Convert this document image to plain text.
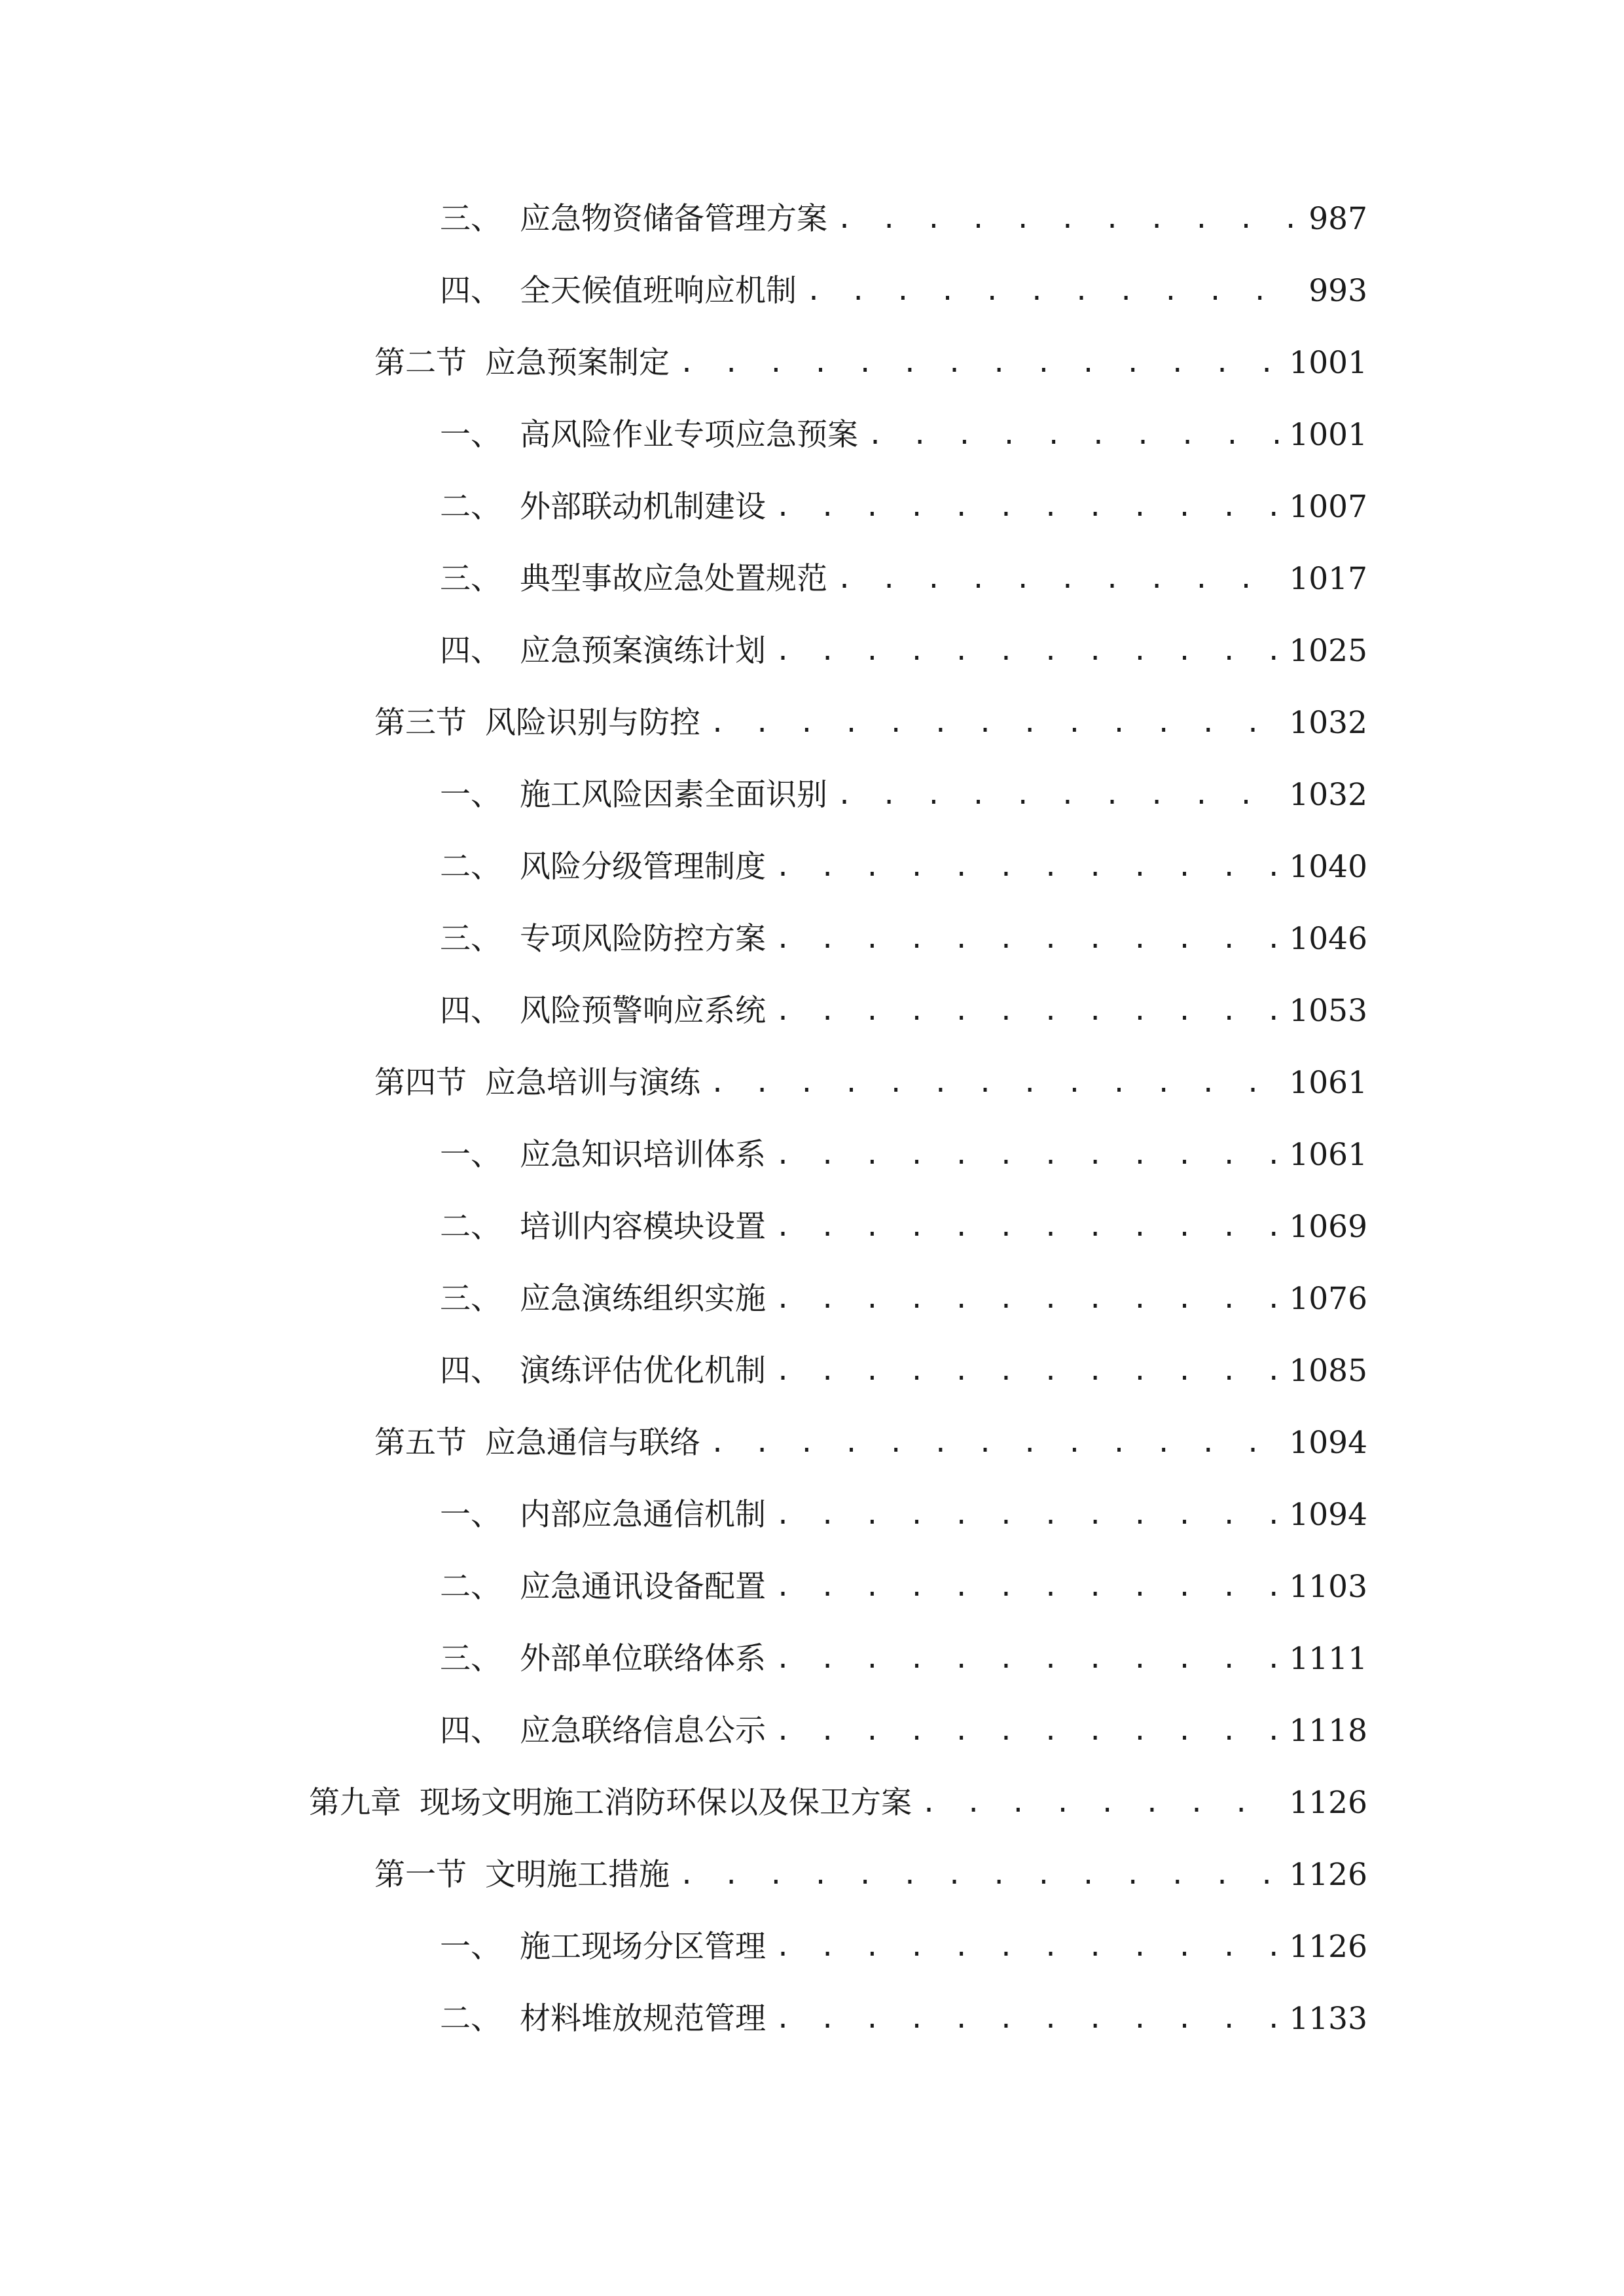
三、 应急物资储备管理方案 . . .	987
四、 全天候值班响应机制 . . .	993
第二节 应急预案制定 . . .	1001
一、 高风险作业专项应急预案 . . .	1001
二、 外部联动机制建设 . . .	1007
三、 典型事故应急处置规范 . . .	1017
四、 应急预案演练计划 . . .	1025
第三节 风险识别与防控 . . .	1032
一、 施工风险因素全面识别 . . .	1032
二、 风险分级管理制度 . . .	1040
三、 专项风险防控方案 . . .	1046
四、 风险预警响应系统 . . .	1053
第四节 应急培训与演练 . . .	1061
一、 应急知识培训体系 . . .	1061
二、 培训内容模块设置 . . .	1069
三、 应急演练组织实施 . . .	1076
四、 演练评估优化机制 . . .	1085
第五节 应急通信与联络 . . .	1094
一、 内部应急通信机制 . . .	1094
二、 应急通讯设备配置 . . .	1103
三、 外部单位联络体系 . . .	1111
四、 应急联络信息公示 . . .	1118
第九章 现场文明施工消防环保以及保卫方案 . . .	1126
第一节 文明施工措施 . . .	1126
一、 施工现场分区管理 . . .	1126
二、 材料堆放规范管理 . . .	1133
